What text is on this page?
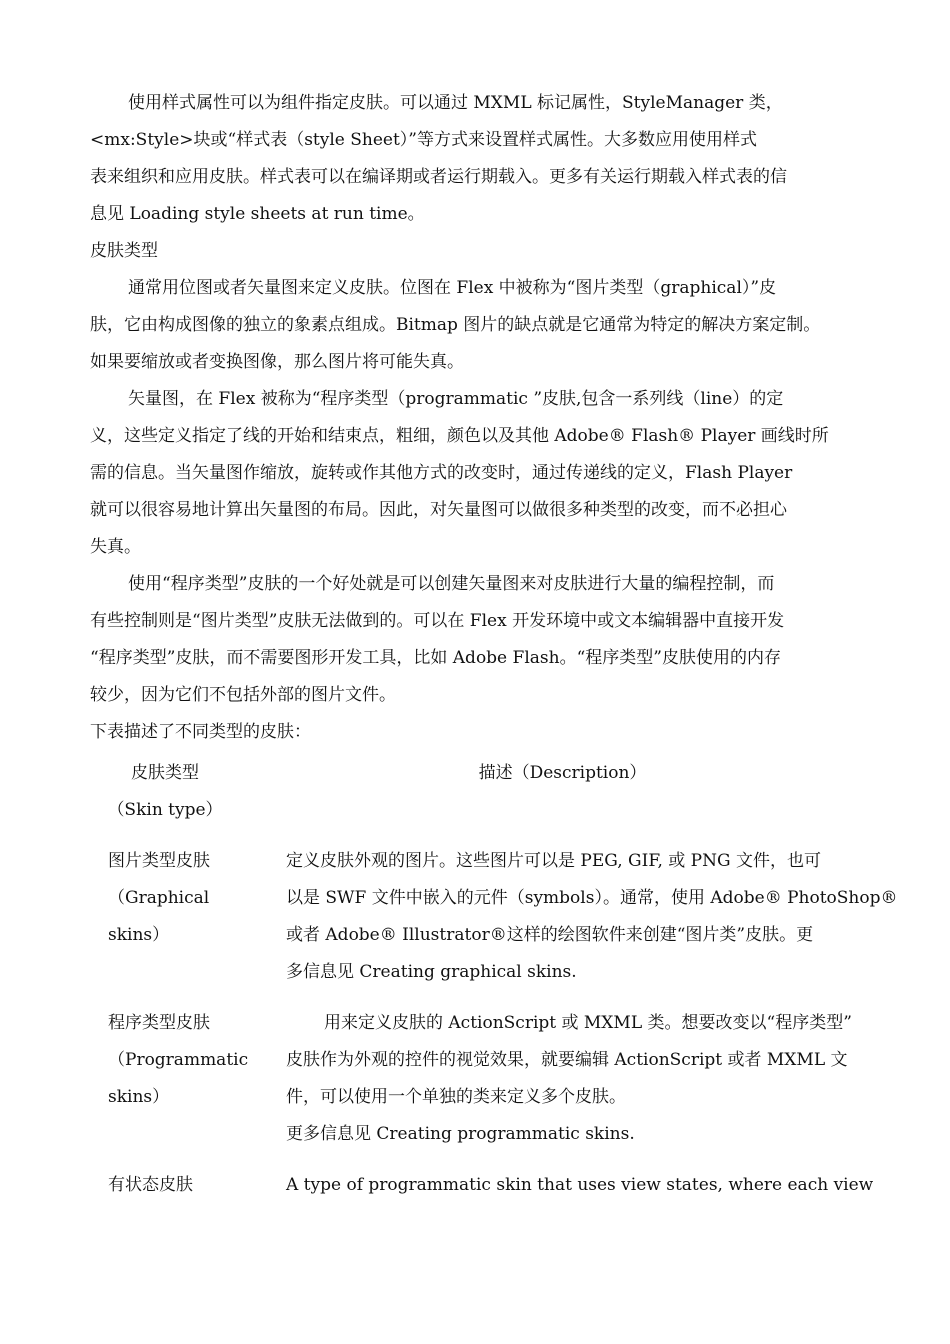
使用样式属性可以为组件指定皮肤。可以通过 MXML 标记属性，StyleManager 类，

<mx:Style>块或“样式表（style Sheet）”等方式来设置样式属性。大多数应用使用样式

表来组织和应用皮肤。样式表可以在编译期或者运行期载入。更多有关运行期载入样式表的信

息见 Loading style sheets at run time。

皮肤类型

通常用位图或者矢量图来定义皮肤。位图在 Flex 中被称为“图片类型（graphical）”皮

肤，它由构成图像的独立的象素点组成。Bitmap 图片的缺点就是它通常为特定的解决方案定制。

如果要缩放或者变换图像，那么图片将可能失真。

矢量图，在 Flex 被称为“程序类型（programmatic ”皮肤,包含一系列线（line）的定

义，这些定义指定了线的开始和结束点，粗细，颜色以及其他 Adobe® Flash® Player 画线时所

需的信息。当矢量图作缩放，旋转或作其他方式的改变时，通过传递线的定义，Flash Player

就可以很容易地计算出矢量图的布局。因此，对矢量图可以做很多种类型的改变，而不必担心

失真。

使用“程序类型”皮肤的一个好处就是可以创建矢量图来对皮肤进行大量的编程控制，而

有些控制则是“图片类型”皮肤无法做到的。可以在 Flex 开发环境中或文本编辑器中直接开发

“程序类型”皮肤，而不需要图形开发工具，比如 Adobe Flash。“程序类型”皮肤使用的内存

较少，因为它们不包括外部的图片文件。

下表描述了不同类型的皮肤：

皮肤类型

（Skin type）

描述（Description）

图片类型皮肤

（Graphical

skins）

定义皮肤外观的图片。这些图片可以是 PEG, GIF, 或 PNG 文件，也可

以是 SWF 文件中嵌入的元件（symbols）。通常，使用 Adobe® PhotoShop®

或者 Adobe® Illustrator®这样的绘图软件来创建“图片类”皮肤。更

多信息见 Creating graphical skins.

程序类型皮肤

（Programmatic

skins）

用来定义皮肤的 ActionScript 或 MXML 类。想要改变以“程序类型”

皮肤作为外观的控件的视觉效果，就要编辑 ActionScript 或者 MXML 文

件，可以使用一个单独的类来定义多个皮肤。

更多信息见 Creating programmatic skins.

有状态皮肤	A type of programmatic skin that uses view states, where each view
